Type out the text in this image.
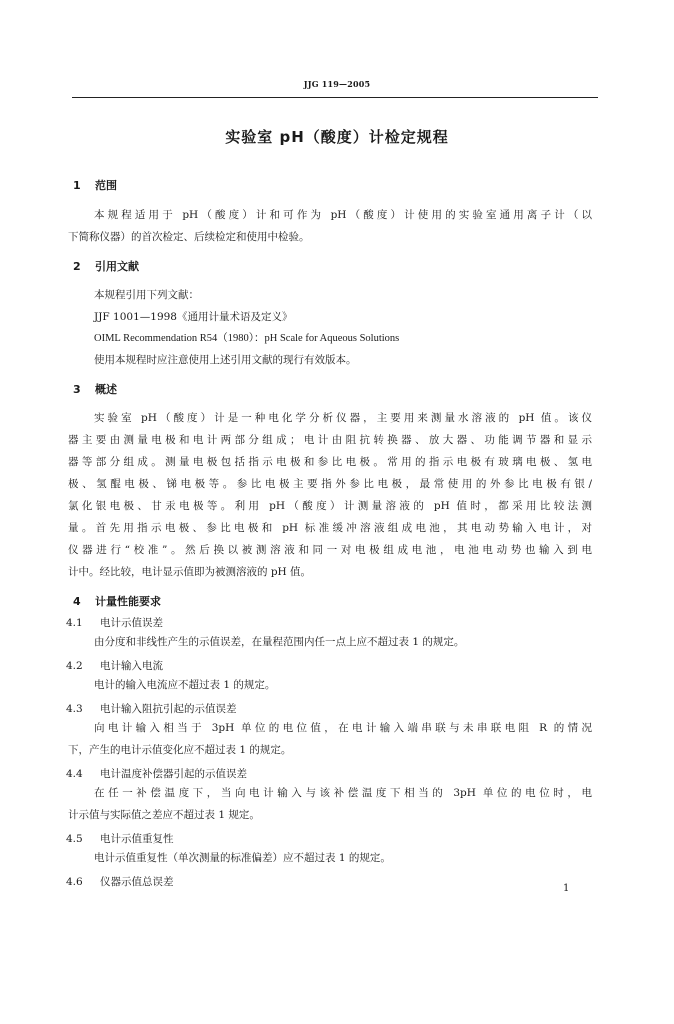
JJG 119—2005
实验室 pH（酸度）计检定规程
1 范围
本规程适用于 pH（酸度）计和可作为 pH（酸度）计使用的实验室通用离子计（以
下简称仪器）的首次检定、后续检定和使用中检验。
2 引用文献
本规程引用下列文献：
JJF 1001—1998《通用计量术语及定义》
OIML Recommendation R54（1980）：pH Scale for Aqueous Solutions
使用本规程时应注意使用上述引用文献的现行有效版本。
3 概述
实验室 pH（酸度）计是一种电化学分析仪器，主要用来测量水溶液的 pH 值。该仪
器主要由测量电极和电计两部分组成；电计由阻抗转换器、放大器、功能调节器和显示
器等部分组成。测量电极包括指示电极和参比电极。常用的指示电极有玻璃电极、氢电
极、氢醌电极、锑电极等。参比电极主要指外参比电极，最常使用的外参比电极有银/
氯化银电极、甘汞电极等。利用 pH（酸度）计测量溶液的 pH 值时，都采用比较法测
量。首先用指示电极、参比电极和 pH 标准缓冲溶液组成电池，其电动势输入电计，对
仪器进行“校准”。然后换以被测溶液和同一对电极组成电池，电池电动势也输入到电
计中。经比较，电计显示值即为被测溶液的 pH 值。
4 计量性能要求
4.1 电计示值误差
由分度和非线性产生的示值误差，在量程范围内任一点上应不超过表 1 的规定。
4.2 电计输入电流
电计的输入电流应不超过表 1 的规定。
4.3 电计输入阻抗引起的示值误差
向电计输入相当于 3pH 单位的电位值，在电计输入端串联与未串联电阻 R 的情况
下，产生的电计示值变化应不超过表 1 的规定。
4.4 电计温度补偿器引起的示值误差
在任一补偿温度下，当向电计输入与该补偿温度下相当的 3pH 单位的电位时，电
计示值与实际值之差应不超过表 1 规定。
4.5 电计示值重复性
电计示值重复性（单次测量的标准偏差）应不超过表 1 的规定。
4.6 仪器示值总误差
1
